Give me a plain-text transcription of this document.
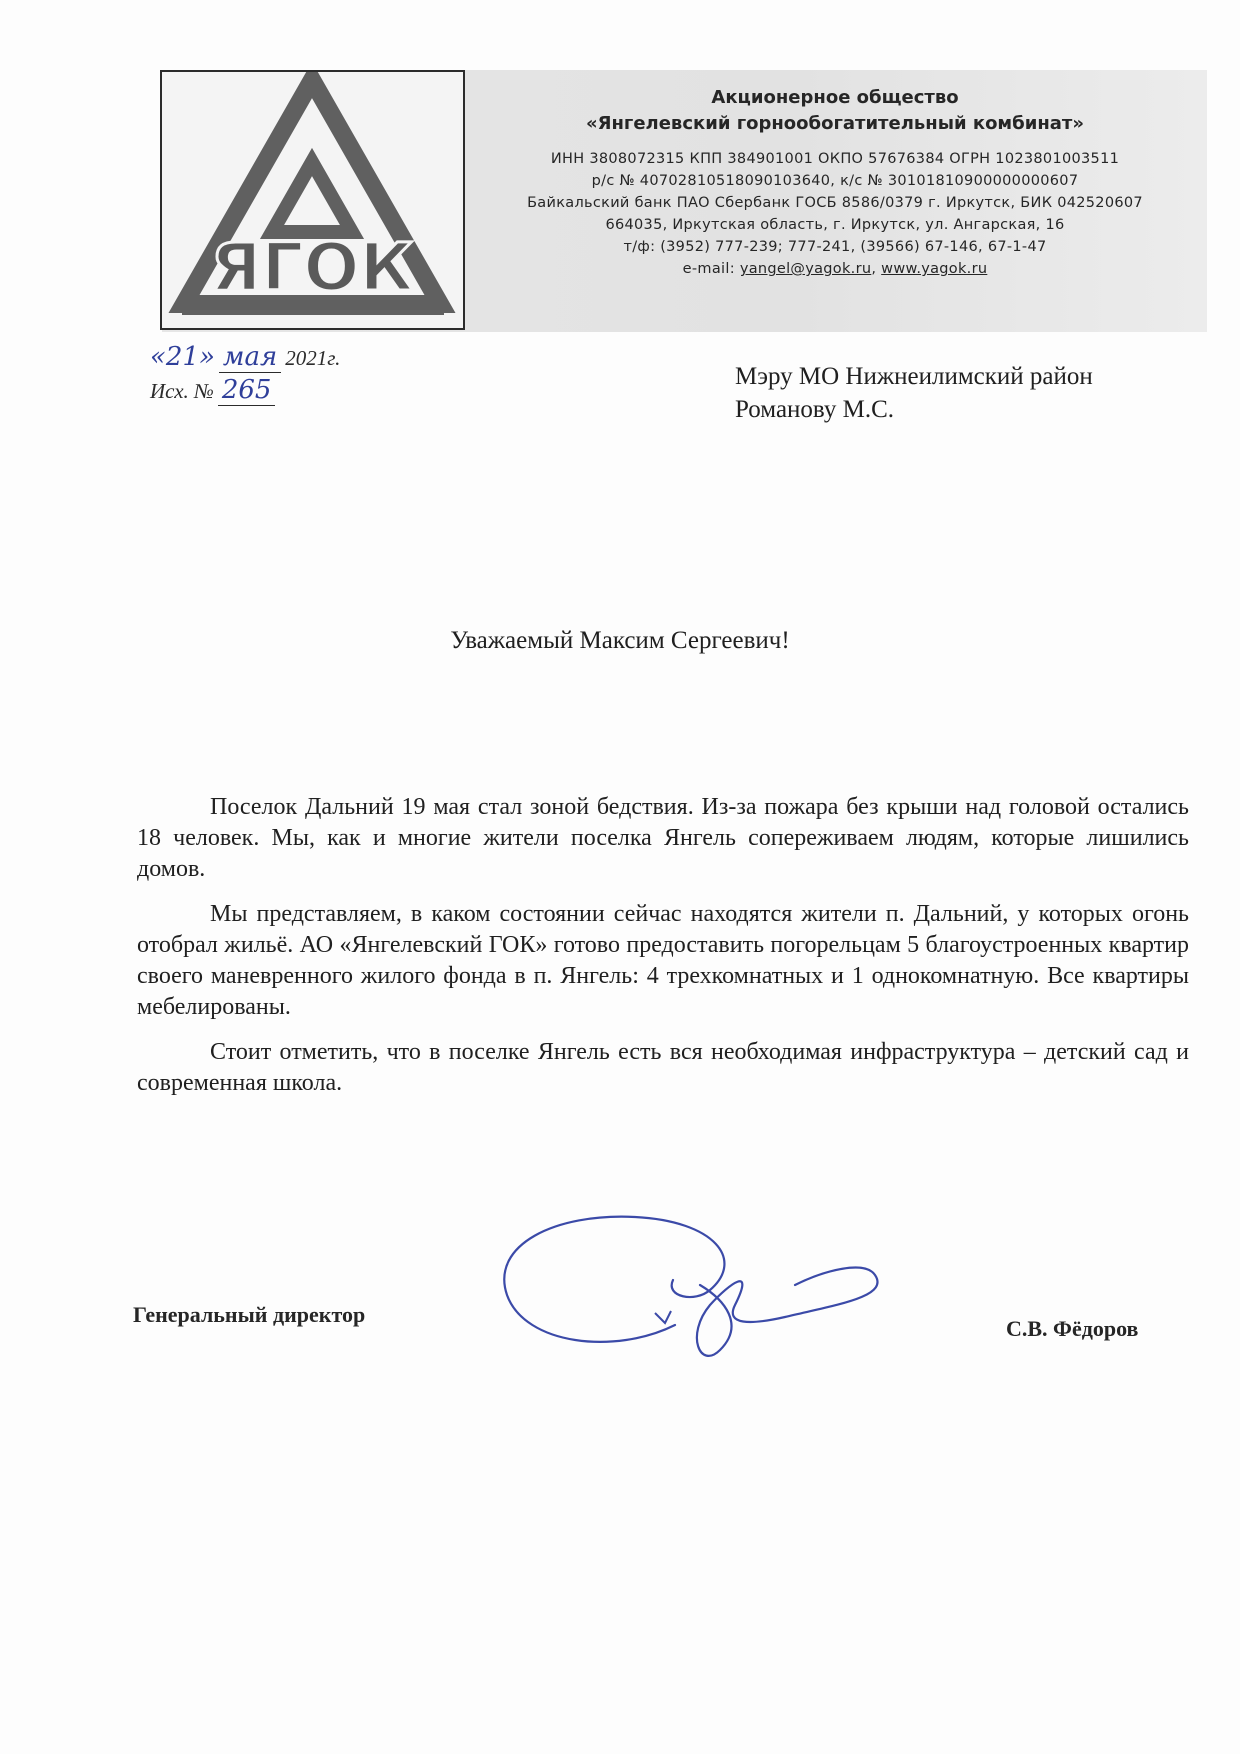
ЯГОК
Акционерное общество
«Янгелевский горнообогатительный комбинат»
ИНН 3808072315 КПП 384901001 ОКПО 57676384 ОГРН 1023801003511
р/с № 40702810518090103640, к/с № 30101810900000000607
Байкальский банк ПАО Сбербанк ГОСБ 8586/0379 г. Иркутск, БИК 042520607
664035, Иркутская область, г. Иркутск, ул. Ангарская, 16
т/ф: (3952) 777-239; 777-241, (39566) 67-146, 67-1-47
e-mail: yangel@yagok.ru, www.yagok.ru
«21» мая 2021г.
Исх. № 265	Мэру МО Нижнеилимский район
Романову М.С.
Уважаемый Максим Сергеевич!

Поселок Дальний 19 мая стал зоной бедствия. Из-за пожара без крыши над головой остались 18 человек. Мы, как и многие жители поселка Янгель сопереживаем людям, которые лишились домов.

Мы представляем, в каком состоянии сейчас находятся жители п. Дальний, у которых огонь отобрал жильё. АО «Янгелевский ГОК» готово предоставить погорельцам 5 благоустроенных квартир своего маневренного жилого фонда в п. Янгель: 4 трехкомнатных и 1 однокомнатную. Все квартиры мебелированы.

Стоит отметить, что в поселке Янгель есть вся необходимая инфраструктура – детский сад и современная школа.

Генеральный директор
С.В. Фёдоров
